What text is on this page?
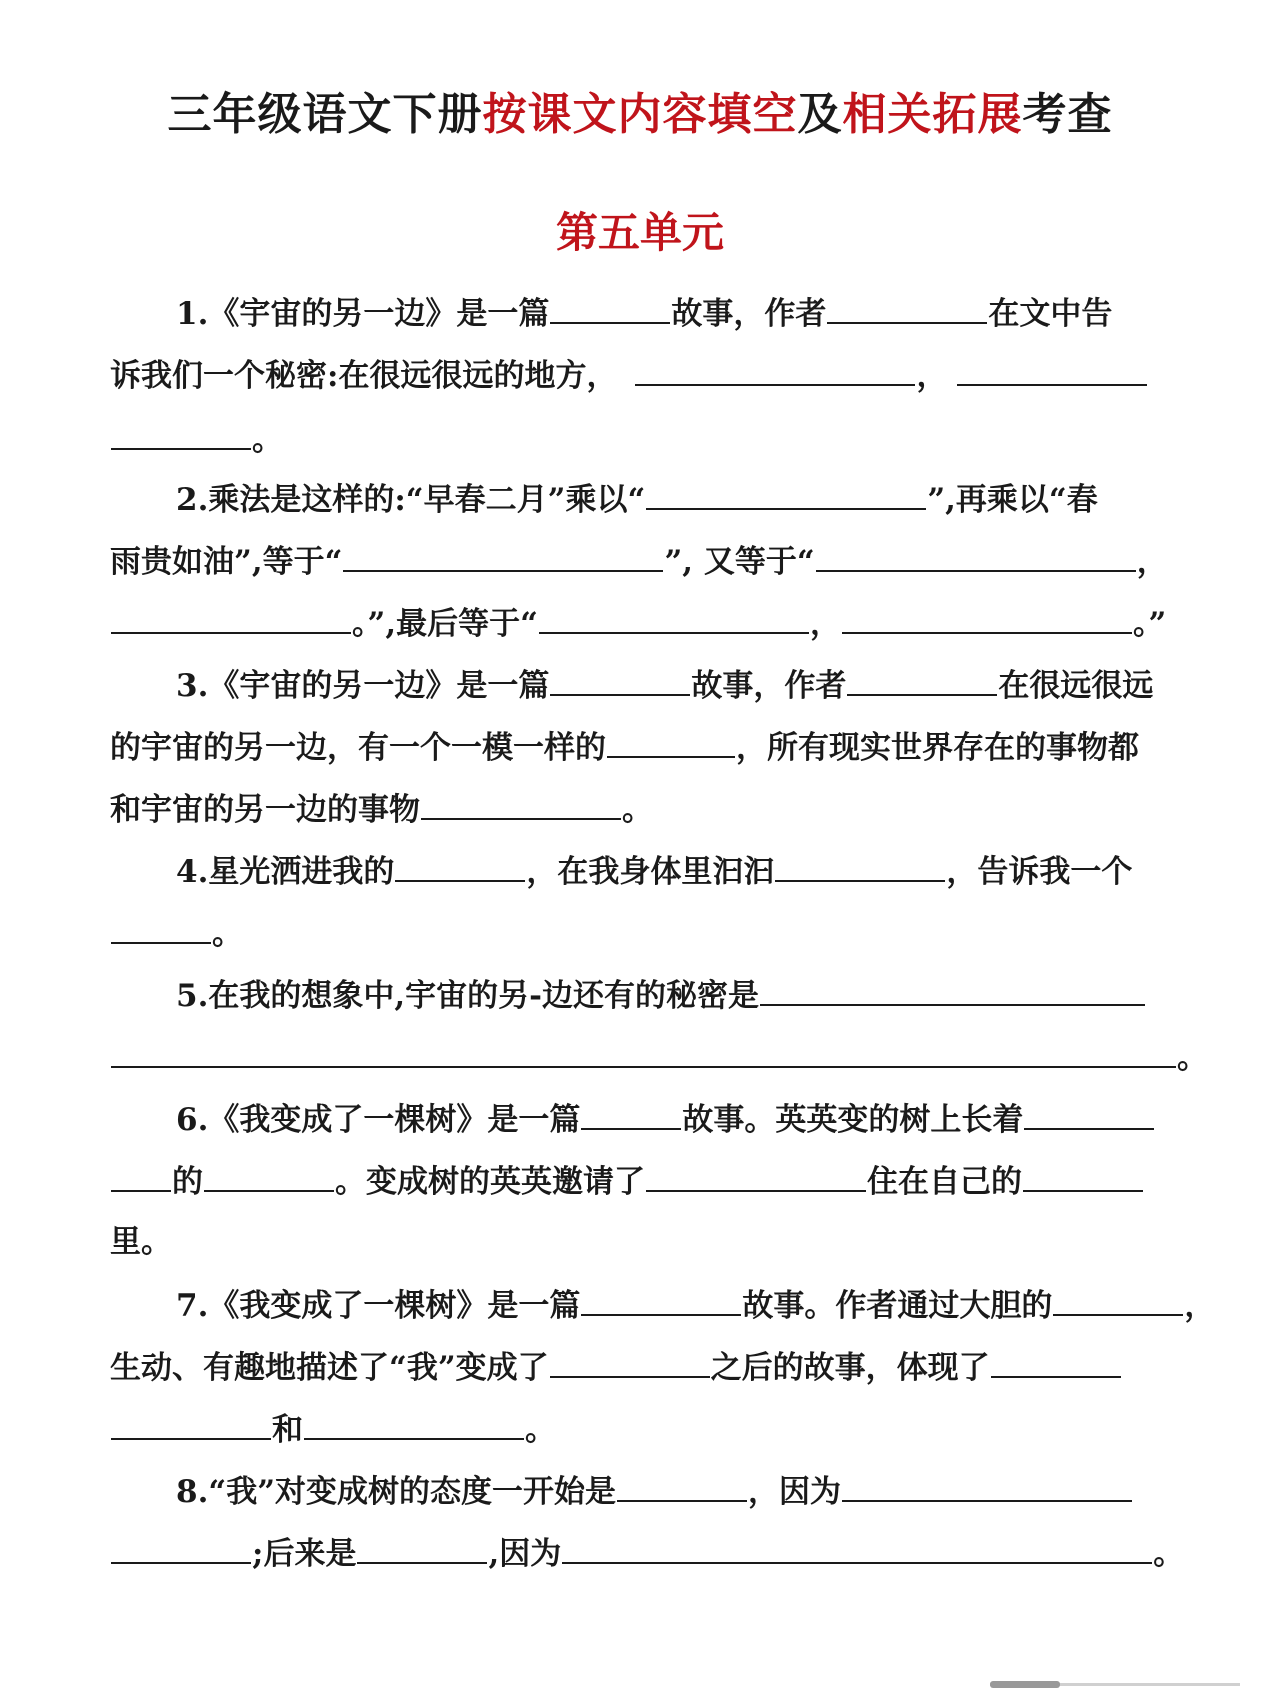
三年级语文下册按课文内容填空及相关拓展考查
第五单元
1.《宇宙的另一边》是一篇	故事，作者	在文中告
诉我们一个秘密:在很远很远的地方，	，
。
2.乘法是这样的:“早春二月”乘以“	”,再乘以“春
雨贵如油”,等于“	”, 又等于“	，
。”,最后等于“	，	。”
3.《宇宙的另一边》是一篇	故事，作者	在很远很远
的宇宙的另一边，有一个一模一样的	，所有现实世界存在的事物都
和宇宙的另一边的事物	。
4.星光洒进我的	，在我身体里汩汩	，告诉我一个
。
5.在我的想象中,宇宙的另-边还有的秘密是
。
6.《我变成了一棵树》是一篇	故事。英英变的树上长着
的	。变成树的英英邀请了	住在自己的
里。
7.《我变成了一棵树》是一篇	故事。作者通过大胆的	，
生动、有趣地描述了“我”变成了	之后的故事，体现了
和	。
8.“我”对变成树的态度一开始是	，因为
;后来是	,因为	。
